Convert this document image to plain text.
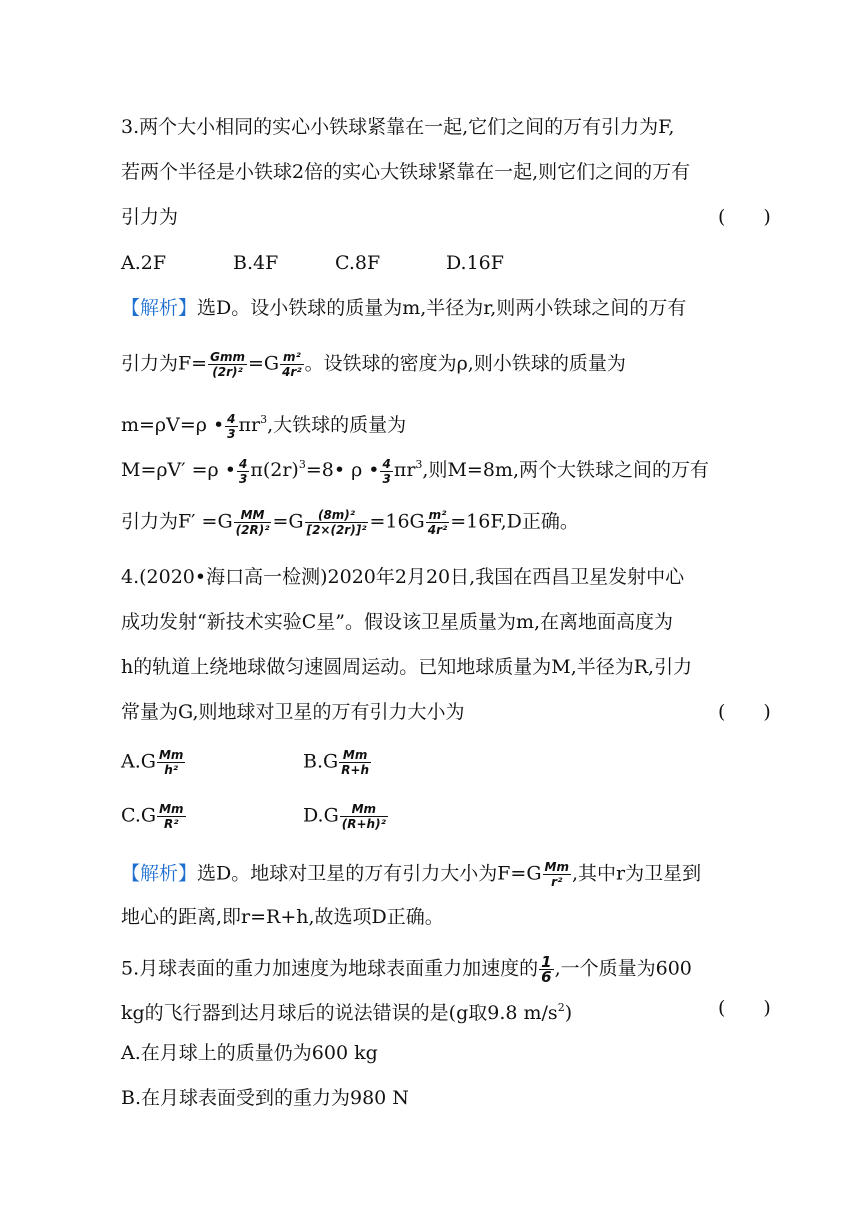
3.两个大小相同的实心小铁球紧靠在一起,它们之间的万有引力为F,
若两个半径是小铁球2倍的实心大铁球紧靠在一起,则它们之间的万有
引力为	(　　)
A.2F	B.4F	C.8F	D.16F
【解析】选D。设小铁球的质量为m,半径为r,则两小铁球之间的万有
引力为$F= \frac{\text{Gmm}}{\text{(2r)²}} =G \frac{\text{m²}}{\text{4r²}}$ 。设铁球的密度为ρ,则小铁球的质量为
m=ρV=ρ • $\frac{4}{3} \pi r^3$,大铁球的质量为
M=ρV′ =ρ • $\frac{4}{3}$ $\pi(2r)^3=8•$ ρ • $\frac{4}{3} \pi r^3$,则M=8m,两个大铁球之间的万有
引力为$F' =G \frac{MM}{\text{(2R)²}} =G \frac{\text{(8m)²}}{\text{[2×(2r)]²}} =16G \frac{\text{m²}}{\text{4r²}} =16F,D$正确。
4.(2020•海口高一检测)2020年2月20日,我国在西昌卫星发射中心
成功发射“新技术实验C星”。假设该卫星质量为m,在离地面高度为
h的轨道上绕地球做匀速圆周运动。已知地球质量为M,半径为R,引力
常量为G,则地球对卫星的万有引力大小为	(　　)
$A.G \frac{Mm}{\text{h²}}$	$B.G \frac{Mm}{R+h}$
$C.G \frac{Mm}{\text{R²}}$	$D.G \frac{Mm}{\text{(R+h)²}}$
【解析】选D。地球对卫星的万有引力大小为$F=G \frac{Mm}{\text{r²}}$ ,其中r为卫星到
地心的距离,即r=R+h,故选项D正确。
5.月球表面的重力加速度为地球表面重力加速度的 $\frac{1}{6}$ ,一个质量为600
kg的飞行器到达月球后的说法错误的是(g取9.8 $m/s^2$)	(　　)
A.在月球上的质量仍为600 kg
B.在月球表面受到的重力为980 N
